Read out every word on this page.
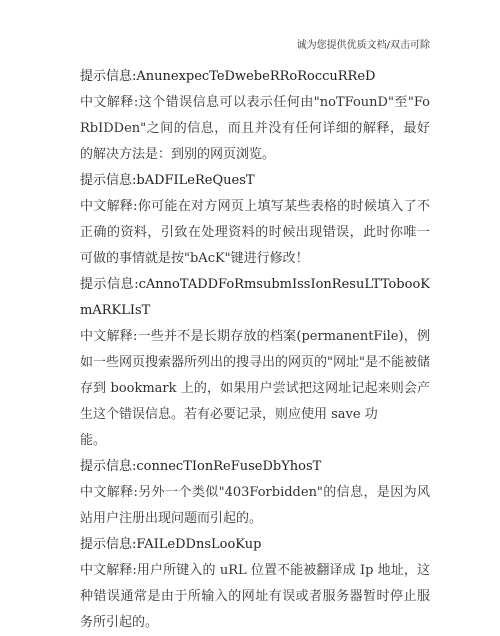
诚为您提供优质文档/双击可除

提示信息:AnunexpecTeDwebeRRoRoccuRReD

中文解释:这个错误信息可以表示任何由"noTFounD"至"FoRbIDDen"之间的信息，而且并没有任何详细的解释，最好的解决方法是：到别的网页浏览。

提示信息:bADFILeReQuesT

中文解释:你可能在对方网页上填写某些表格的时候填入了不正确的资料，引致在处理资料的时候出现错误，此时你唯一可做的事情就是按"bAcK"键进行修改！

提示信息:cAnnoTADDFoRmsubmIssIonResuLTTobooKmARKLIsT

中文解释:一些并不是长期存放的档案(permanentFile)，例如一些网页搜索器所列出的搜寻出的网页的"网址"是不能被储存到 bookmark 上的，如果用户尝试把这网址记起来则会产生这个错误信息。若有必要记录，则应使用 save 功

能。

提示信息:connecTIonReFuseDbYhosT

中文解释:另外一个类似"403Forbidden"的信息，是因为风站用户注册出现问题而引起的。

提示信息:FAILeDDnsLooKup

中文解释:用户所键入的 uRL 位置不能被翻译成 Ip 地址，这种错误通常是由于所输入的网址有误或者服务器暂时停止服务所引起的。
